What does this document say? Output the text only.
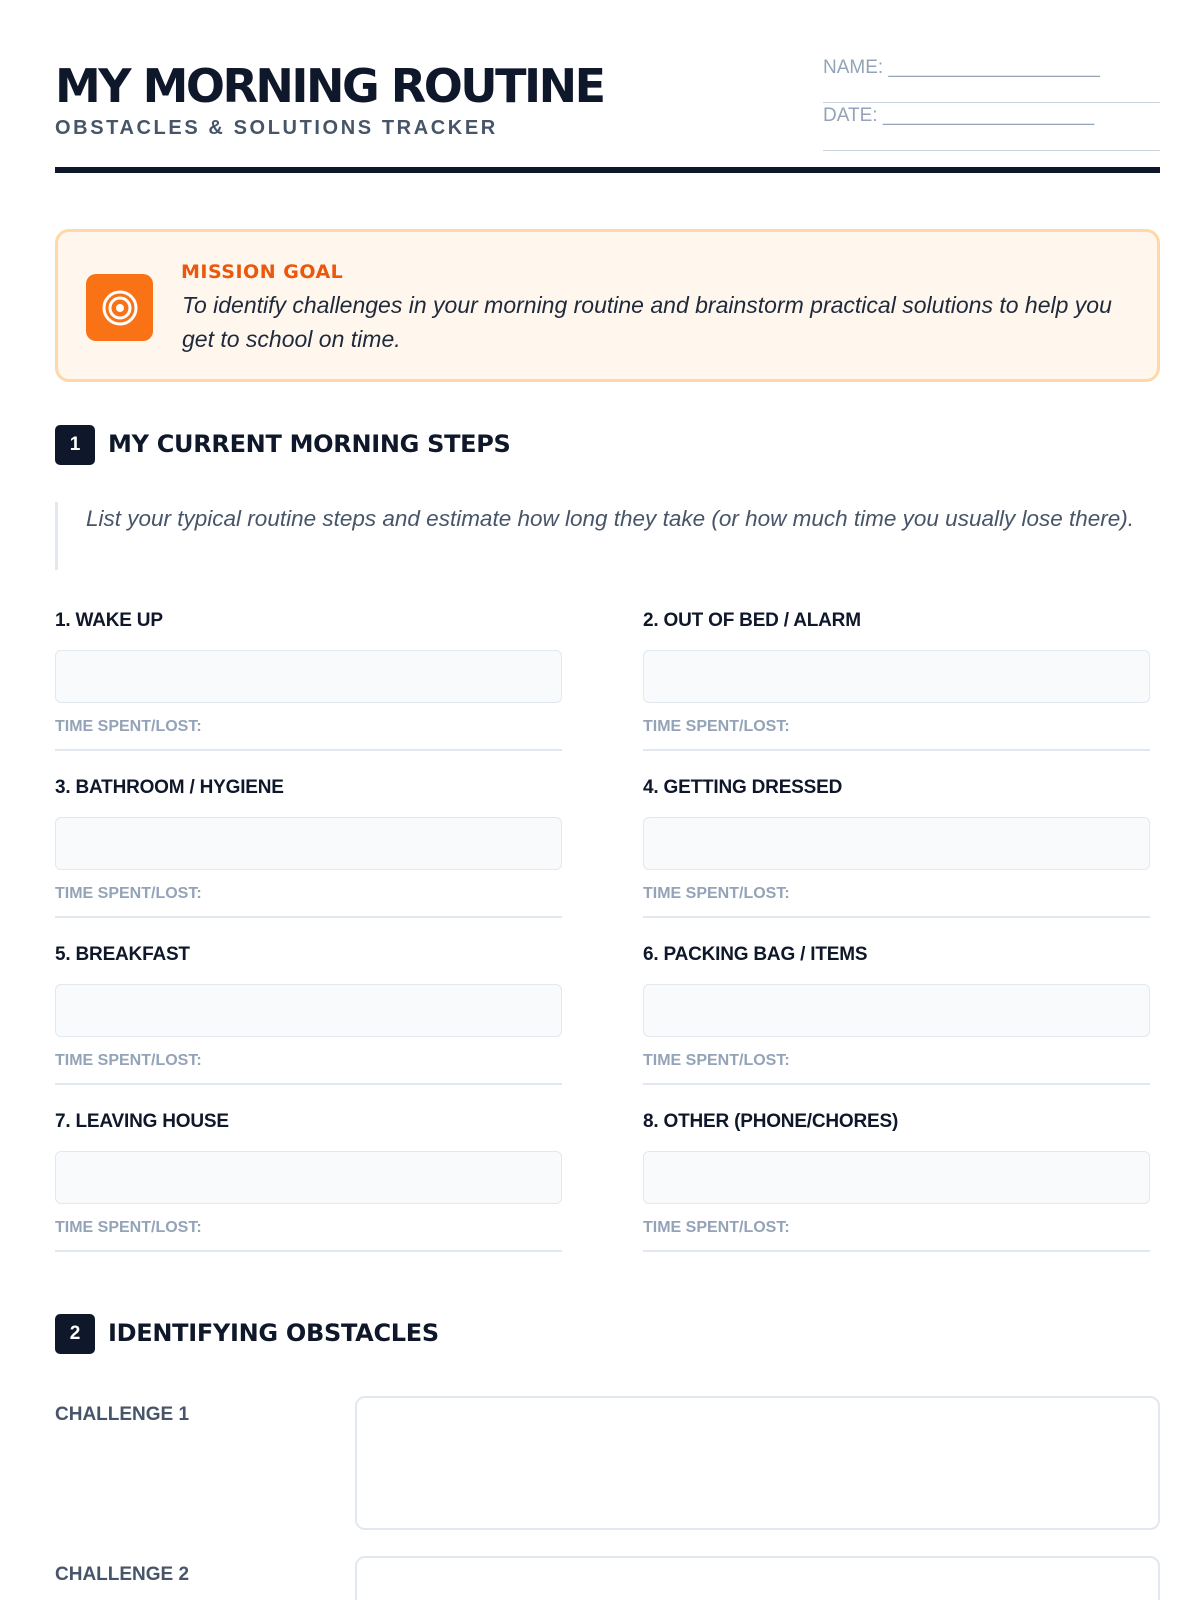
MY MORNING ROUTINE
OBSTACLES & SOLUTIONS TRACKER
NAME: ____________________
DATE: ____________________
MISSION GOAL
To identify challenges in your morning routine and brainstorm practical solutions to help you get to school on time.
1	MY CURRENT MORNING STEPS
List your typical routine steps and estimate how long they take (or how much time you usually lose there).
1. WAKE UP
TIME SPENT/LOST:
2. OUT OF BED / ALARM
TIME SPENT/LOST:
3. BATHROOM / HYGIENE
TIME SPENT/LOST:
4. GETTING DRESSED
TIME SPENT/LOST:
5. BREAKFAST
TIME SPENT/LOST:
6. PACKING BAG / ITEMS
TIME SPENT/LOST:
7. LEAVING HOUSE
TIME SPENT/LOST:
8. OTHER (PHONE/CHORES)
TIME SPENT/LOST:
2	IDENTIFYING OBSTACLES
CHALLENGE 1
CHALLENGE 2
